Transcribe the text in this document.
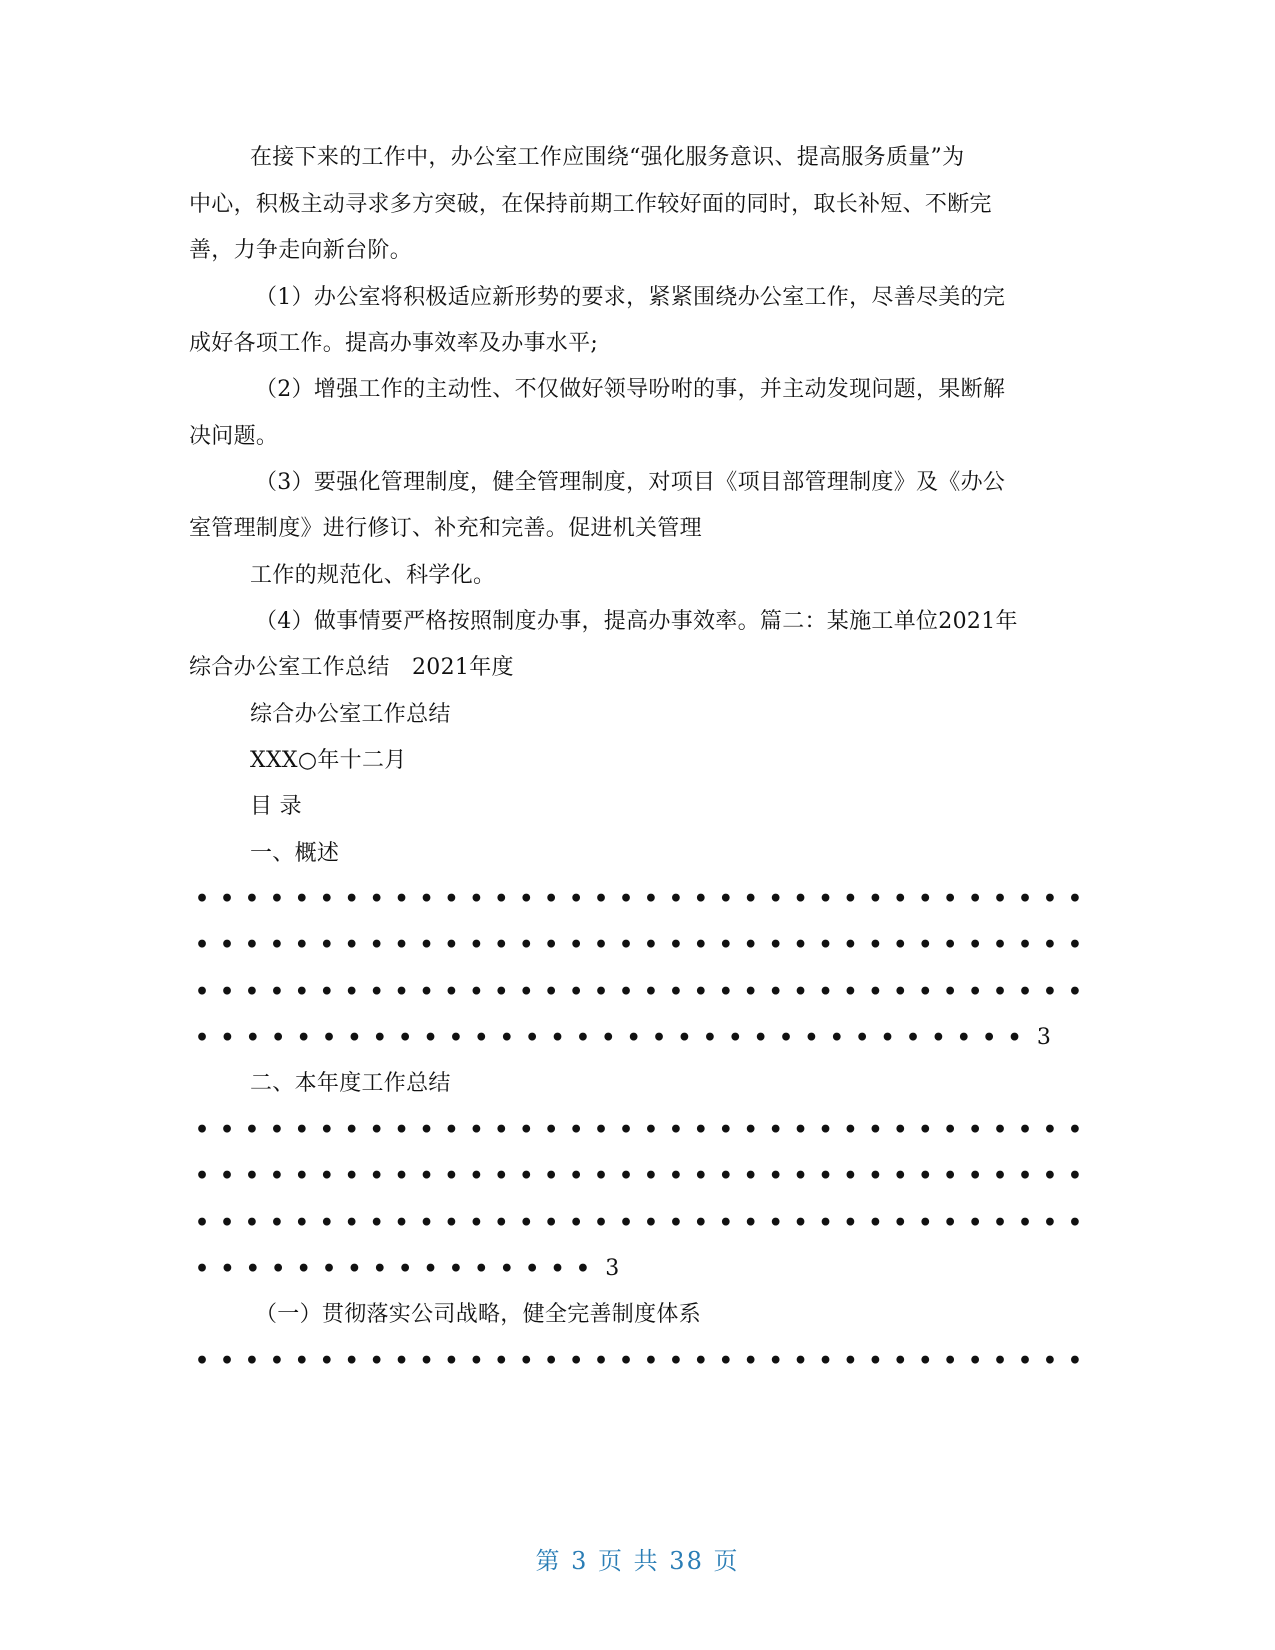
在接下来的工作中，办公室工作应围绕“强化服务意识、提高服务质量”为
中心，积极主动寻求多方突破，在保持前期工作较好面的同时，取长补短、不断完
善，力争走向新台阶。
（1）办公室将积极适应新形势的要求，紧紧围绕办公室工作，尽善尽美的完
成好各项工作。提高办事效率及办事水平;
（2）增强工作的主动性、不仅做好领导吩咐的事，并主动发现问题，果断解
决问题。
（3）要强化管理制度，健全管理制度，对项目《项目部管理制度》及《办公
室管理制度》进行修订、补充和完善。促进机关管理
工作的规范化、科学化。
（4）做事情要严格按照制度办事，提高办事效率。篇二：某施工单位2021年
综合办公室工作总结　2021年度
综合办公室工作总结
XXX○年十二月
目 录
一、概述
• • • • • • • • • • • • • • • • • • • • • • • • • • • • • • • • • • • •
• • • • • • • • • • • • • • • • • • • • • • • • • • • • • • • • • • • •
• • • • • • • • • • • • • • • • • • • • • • • • • • • • • • • • • • • •
• • • • • • • • • • • • • • • • • • • • • • • • • • • • • • • • • 3
二、本年度工作总结
• • • • • • • • • • • • • • • • • • • • • • • • • • • • • • • • • • • •
• • • • • • • • • • • • • • • • • • • • • • • • • • • • • • • • • • • •
• • • • • • • • • • • • • • • • • • • • • • • • • • • • • • • • • • • •
• • • • • • • • • • • • • • • • 3
（一）贯彻落实公司战略，健全完善制度体系
• • • • • • • • • • • • • • • • • • • • • • • • • • • • • • • • • • • •
第 3 页 共 38 页
